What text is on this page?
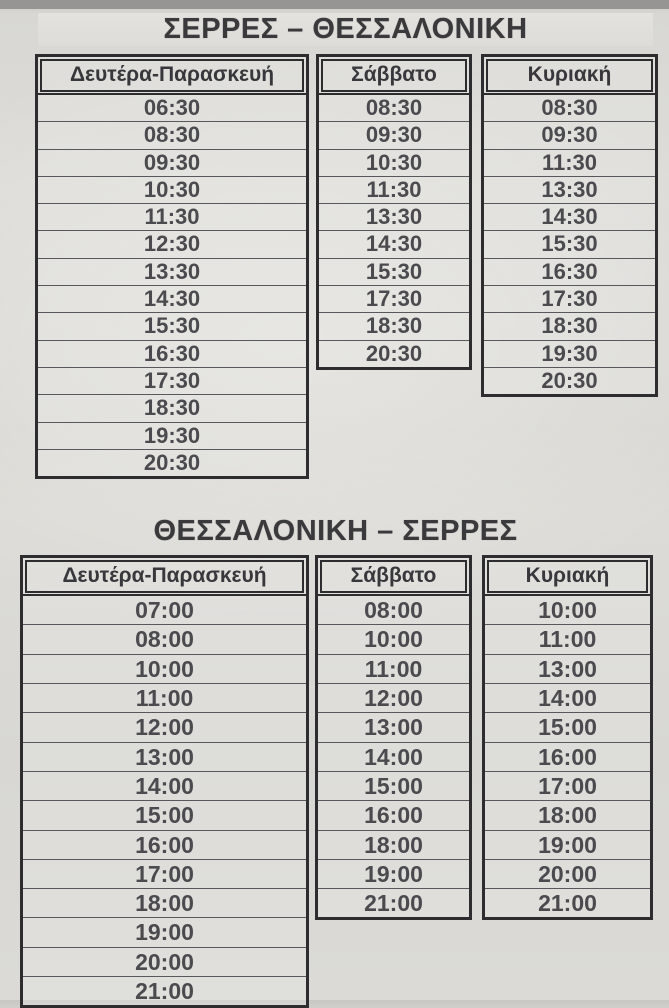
ΣΕΡΡΕΣ – ΘΕΣΣΑΛΟΝΙΚΗ
Δευτέρα-Παρασκευή
06:30
08:30
09:30
10:30
11:30
12:30
13:30
14:30
15:30
16:30
17:30
18:30
19:30
20:30
Σάββατο
08:30
09:30
10:30
11:30
13:30
14:30
15:30
17:30
18:30
20:30
Κυριακή
08:30
09:30
11:30
13:30
14:30
15:30
16:30
17:30
18:30
19:30
20:30
ΘΕΣΣΑΛΟΝΙΚΗ – ΣΕΡΡΕΣ
Δευτέρα-Παρασκευή
07:00
08:00
10:00
11:00
12:00
13:00
14:00
15:00
16:00
17:00
18:00
19:00
20:00
21:00
Σάββατο
08:00
10:00
11:00
12:00
13:00
14:00
15:00
16:00
18:00
19:00
21:00
Κυριακή
10:00
11:00
13:00
14:00
15:00
16:00
17:00
18:00
19:00
20:00
21:00
